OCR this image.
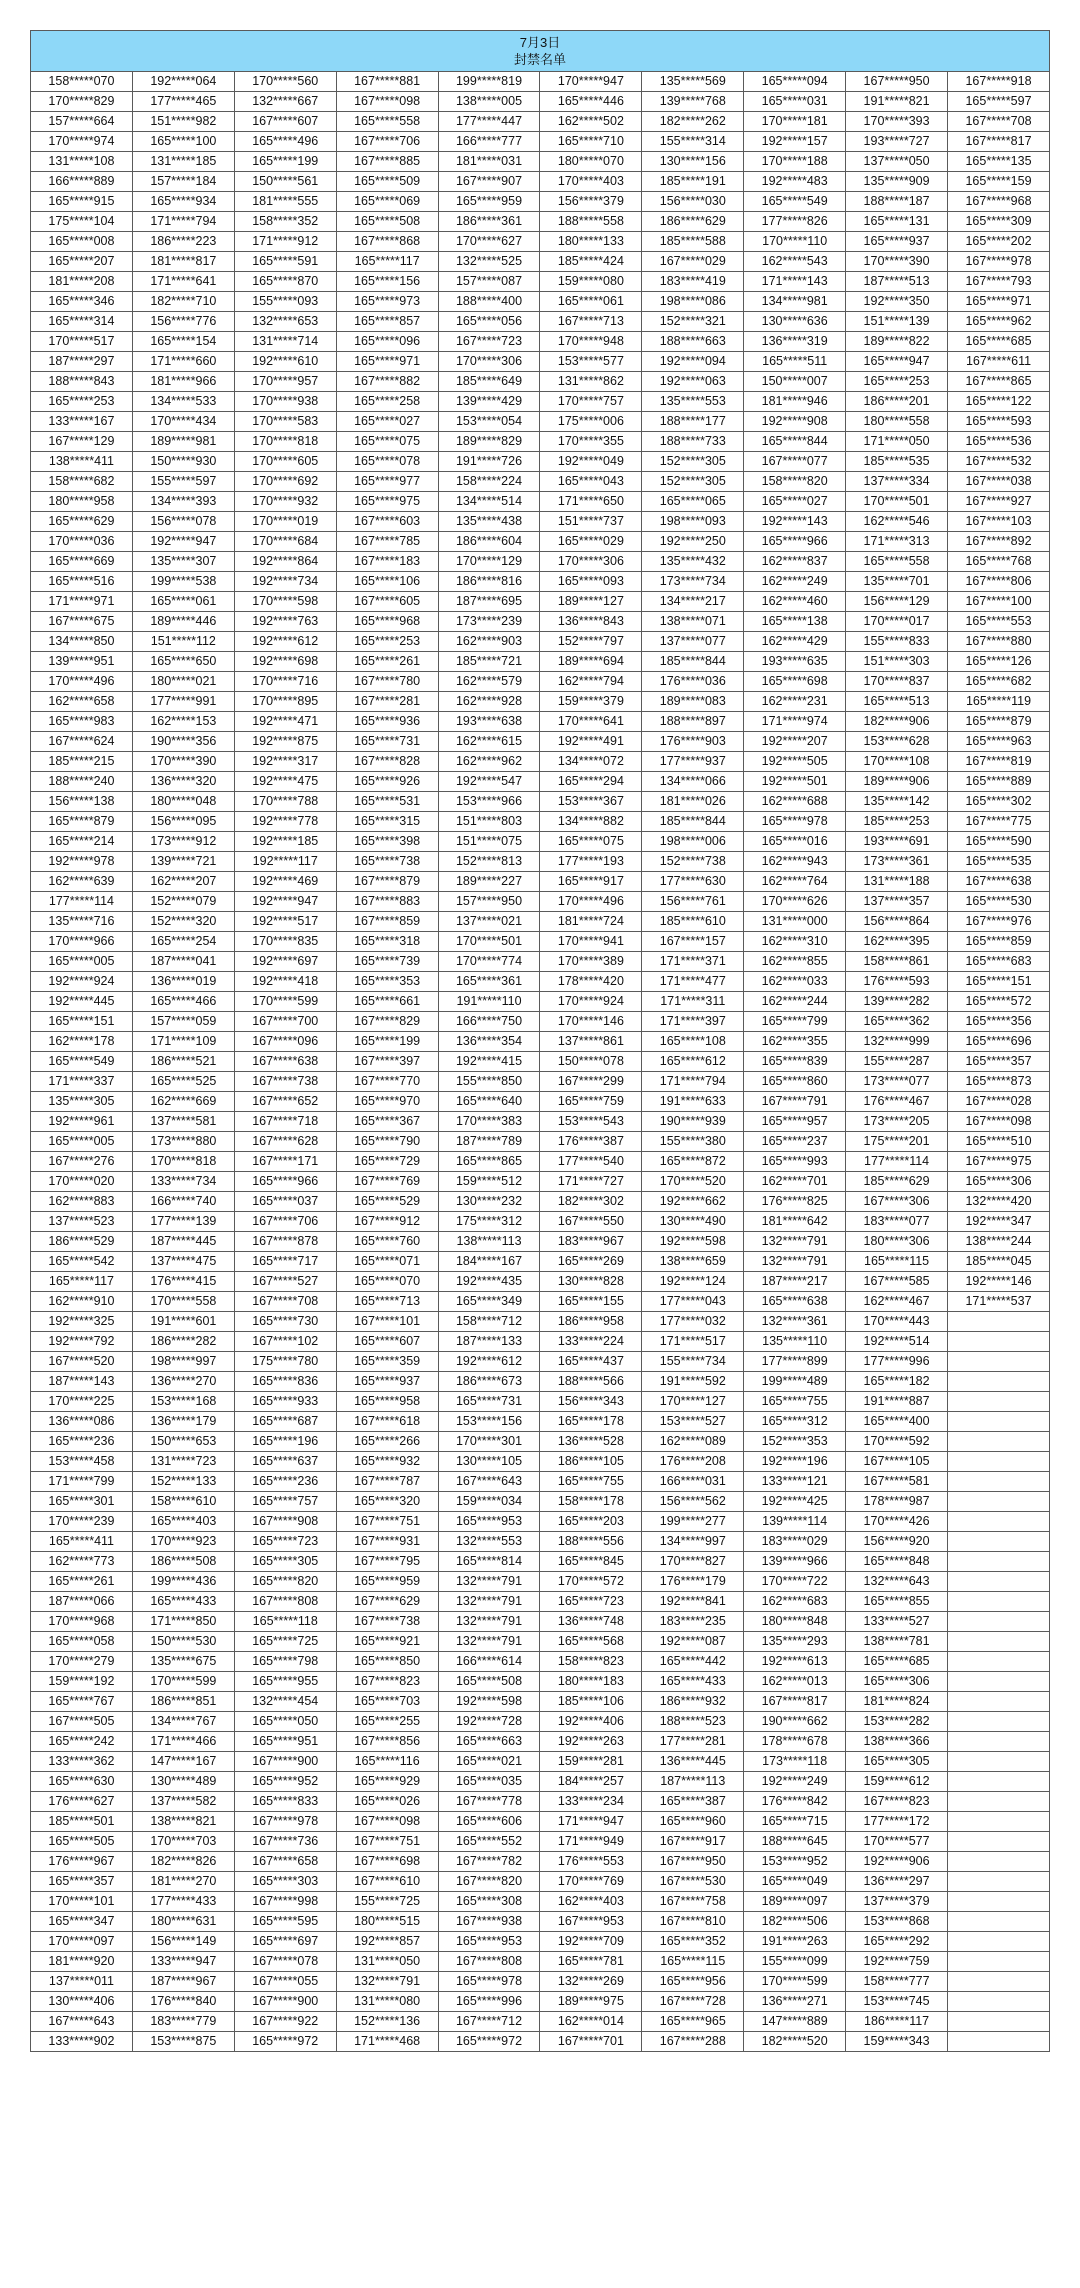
7月3日
封禁名单
158*****070	192*****064	170*****560	167*****881	199*****819	170*****947	135*****569	165*****094	167*****950	167*****918
170*****829	177*****465	132*****667	167*****098	138*****005	165*****446	139*****768	165*****031	191*****821	165*****597
157*****664	151*****982	167*****607	165*****558	177*****447	162*****502	182*****262	170*****181	170*****393	167*****708
170*****974	165*****100	165*****496	167*****706	166*****777	165*****710	155*****314	192*****157	193*****727	167*****817
131*****108	131*****185	165*****199	167*****885	181*****031	180*****070	130*****156	170*****188	137*****050	165*****135
166*****889	157*****184	150*****561	165*****509	167*****907	170*****403	185*****191	192*****483	135*****909	165*****159
165*****915	165*****934	181*****555	165*****069	165*****959	156*****379	156*****030	165*****549	188*****187	167*****968
175*****104	171*****794	158*****352	165*****508	186*****361	188*****558	186*****629	177*****826	165*****131	165*****309
165*****008	186*****223	171*****912	167*****868	170*****627	180*****133	185*****588	170*****110	165*****937	165*****202
165*****207	181*****817	165*****591	165*****117	132*****525	185*****424	167*****029	162*****543	170*****390	167*****978
181*****208	171*****641	165*****870	165*****156	157*****087	159*****080	183*****419	171*****143	187*****513	167*****793
165*****346	182*****710	155*****093	165*****973	188*****400	165*****061	198*****086	134*****981	192*****350	165*****971
165*****314	156*****776	132*****653	165*****857	165*****056	167*****713	152*****321	130*****636	151*****139	165*****962
170*****517	165*****154	131*****714	165*****096	167*****723	170*****948	188*****663	136*****319	189*****822	165*****685
187*****297	171*****660	192*****610	165*****971	170*****306	153*****577	192*****094	165*****511	165*****947	167*****611
188*****843	181*****966	170*****957	167*****882	185*****649	131*****862	192*****063	150*****007	165*****253	167*****865
165*****253	134*****533	170*****938	165*****258	139*****429	170*****757	135*****553	181*****946	186*****201	165*****122
133*****167	170*****434	170*****583	165*****027	153*****054	175*****006	188*****177	192*****908	180*****558	165*****593
167*****129	189*****981	170*****818	165*****075	189*****829	170*****355	188*****733	165*****844	171*****050	165*****536
138*****411	150*****930	170*****605	165*****078	191*****726	192*****049	152*****305	167*****077	185*****535	167*****532
158*****682	155*****597	170*****692	165*****977	158*****224	165*****043	152*****305	158*****820	137*****334	167*****038
180*****958	134*****393	170*****932	165*****975	134*****514	171*****650	165*****065	165*****027	170*****501	167*****927
165*****629	156*****078	170*****019	167*****603	135*****438	151*****737	198*****093	192*****143	162*****546	167*****103
170*****036	192*****947	170*****684	167*****785	186*****604	165*****029	192*****250	165*****966	171*****313	167*****892
165*****669	135*****307	192*****864	167*****183	170*****129	170*****306	135*****432	162*****837	165*****558	165*****768
165*****516	199*****538	192*****734	165*****106	186*****816	165*****093	173*****734	162*****249	135*****701	167*****806
171*****971	165*****061	170*****598	167*****605	187*****695	189*****127	134*****217	162*****460	156*****129	167*****100
167*****675	189*****446	192*****763	165*****968	173*****239	136*****843	138*****071	165*****138	170*****017	165*****553
134*****850	151*****112	192*****612	165*****253	162*****903	152*****797	137*****077	162*****429	155*****833	167*****880
139*****951	165*****650	192*****698	165*****261	185*****721	189*****694	185*****844	193*****635	151*****303	165*****126
170*****496	180*****021	170*****716	167*****780	162*****579	162*****794	176*****036	165*****698	170*****837	165*****682
162*****658	177*****991	170*****895	167*****281	162*****928	159*****379	189*****083	162*****231	165*****513	165*****119
165*****983	162*****153	192*****471	165*****936	193*****638	170*****641	188*****897	171*****974	182*****906	165*****879
167*****624	190*****356	192*****875	165*****731	162*****615	192*****491	176*****903	192*****207	153*****628	165*****963
185*****215	170*****390	192*****317	167*****828	162*****962	134*****072	177*****937	192*****505	170*****108	167*****819
188*****240	136*****320	192*****475	165*****926	192*****547	165*****294	134*****066	192*****501	189*****906	165*****889
156*****138	180*****048	170*****788	165*****531	153*****966	153*****367	181*****026	162*****688	135*****142	165*****302
165*****879	156*****095	192*****778	165*****315	151*****803	134*****882	185*****844	165*****978	185*****253	167*****775
165*****214	173*****912	192*****185	165*****398	151*****075	165*****075	198*****006	165*****016	193*****691	165*****590
192*****978	139*****721	192*****117	165*****738	152*****813	177*****193	152*****738	162*****943	173*****361	165*****535
162*****639	162*****207	192*****469	167*****879	189*****227	165*****917	177*****630	162*****764	131*****188	167*****638
177*****114	152*****079	192*****947	167*****883	157*****950	170*****496	156*****761	170*****626	137*****357	165*****530
135*****716	152*****320	192*****517	167*****859	137*****021	181*****724	185*****610	131*****000	156*****864	167*****976
170*****966	165*****254	170*****835	165*****318	170*****501	170*****941	167*****157	162*****310	162*****395	165*****859
165*****005	187*****041	192*****697	165*****739	170*****774	170*****389	171*****371	162*****855	158*****861	165*****683
192*****924	136*****019	192*****418	165*****353	165*****361	178*****420	171*****477	162*****033	176*****593	165*****151
192*****445	165*****466	170*****599	165*****661	191*****110	170*****924	171*****311	162*****244	139*****282	165*****572
165*****151	157*****059	167*****700	167*****829	166*****750	170*****146	171*****397	165*****799	165*****362	165*****356
162*****178	171*****109	167*****096	165*****199	136*****354	137*****861	165*****108	162*****355	132*****999	165*****696
165*****549	186*****521	167*****638	167*****397	192*****415	150*****078	165*****612	165*****839	155*****287	165*****357
171*****337	165*****525	167*****738	167*****770	155*****850	167*****299	171*****794	165*****860	173*****077	165*****873
135*****305	162*****669	167*****652	165*****970	165*****640	165*****759	191*****633	167*****791	176*****467	167*****028
192*****961	137*****581	167*****718	165*****367	170*****383	153*****543	190*****939	165*****957	173*****205	167*****098
165*****005	173*****880	167*****628	165*****790	187*****789	176*****387	155*****380	165*****237	175*****201	165*****510
167*****276	170*****818	167*****171	165*****729	165*****865	177*****540	165*****872	165*****993	177*****114	167*****975
170*****020	133*****734	165*****966	167*****769	159*****512	171*****727	170*****520	162*****701	185*****629	165*****306
162*****883	166*****740	165*****037	165*****529	130*****232	182*****302	192*****662	176*****825	167*****306	132*****420
137*****523	177*****139	167*****706	167*****912	175*****312	167*****550	130*****490	181*****642	183*****077	192*****347
186*****529	187*****445	167*****878	165*****760	138*****113	183*****967	192*****598	132*****791	180*****306	138*****244
165*****542	137*****475	165*****717	165*****071	184*****167	165*****269	138*****659	132*****791	165*****115	185*****045
165*****117	176*****415	167*****527	165*****070	192*****435	130*****828	192*****124	187*****217	167*****585	192*****146
162*****910	170*****558	167*****708	165*****713	165*****349	165*****155	177*****043	165*****638	162*****467	171*****537
192*****325	191*****601	165*****730	167*****101	158*****712	186*****958	177*****032	132*****361	170*****443	
192*****792	186*****282	167*****102	165*****607	187*****133	133*****224	171*****517	135*****110	192*****514	
167*****520	198*****997	175*****780	165*****359	192*****612	165*****437	155*****734	177*****899	177*****996	
187*****143	136*****270	165*****836	165*****937	186*****673	188*****566	191*****592	199*****489	165*****182	
170*****225	153*****168	165*****933	165*****958	165*****731	156*****343	170*****127	165*****755	191*****887	
136*****086	136*****179	165*****687	167*****618	153*****156	165*****178	153*****527	165*****312	165*****400	
165*****236	150*****653	165*****196	165*****266	170*****301	136*****528	162*****089	152*****353	170*****592	
153*****458	131*****723	165*****637	165*****932	130*****105	186*****105	176*****208	192*****196	167*****105	
171*****799	152*****133	165*****236	167*****787	167*****643	165*****755	166*****031	133*****121	167*****581	
165*****301	158*****610	165*****757	165*****320	159*****034	158*****178	156*****562	192*****425	178*****987	
170*****239	165*****403	167*****908	167*****751	165*****953	165*****203	199*****277	139*****114	170*****426	
165*****411	170*****923	165*****723	167*****931	132*****553	188*****556	134*****997	183*****029	156*****920	
162*****773	186*****508	165*****305	167*****795	165*****814	165*****845	170*****827	139*****966	165*****848	
165*****261	199*****436	165*****820	165*****959	132*****791	170*****572	176*****179	170*****722	132*****643	
187*****066	165*****433	167*****808	167*****629	132*****791	165*****723	192*****841	162*****683	165*****855	
170*****968	171*****850	165*****118	167*****738	132*****791	136*****748	183*****235	180*****848	133*****527	
165*****058	150*****530	165*****725	165*****921	132*****791	165*****568	192*****087	135*****293	138*****781	
170*****279	135*****675	165*****798	165*****850	166*****614	158*****823	165*****442	192*****613	165*****685	
159*****192	170*****599	165*****955	167*****823	165*****508	180*****183	165*****433	162*****013	165*****306	
165*****767	186*****851	132*****454	165*****703	192*****598	185*****106	186*****932	167*****817	181*****824	
167*****505	134*****767	165*****050	165*****255	192*****728	192*****406	188*****523	190*****662	153*****282	
165*****242	171*****466	165*****951	167*****856	165*****663	192*****263	177*****281	178*****678	138*****366	
133*****362	147*****167	167*****900	165*****116	165*****021	159*****281	136*****445	173*****118	165*****305	
165*****630	130*****489	165*****952	165*****929	165*****035	184*****257	187*****113	192*****249	159*****612	
176*****627	137*****582	165*****833	165*****026	167*****778	133*****234	165*****387	176*****842	167*****823	
185*****501	138*****821	167*****978	167*****098	165*****606	171*****947	165*****960	165*****715	177*****172	
165*****505	170*****703	167*****736	167*****751	165*****552	171*****949	167*****917	188*****645	170*****577	
176*****967	182*****826	167*****658	167*****698	167*****782	176*****553	167*****950	153*****952	192*****906	
165*****357	181*****270	165*****303	167*****610	167*****820	170*****769	167*****530	165*****049	136*****297	
170*****101	177*****433	167*****998	155*****725	165*****308	162*****403	167*****758	189*****097	137*****379	
165*****347	180*****631	165*****595	180*****515	167*****938	167*****953	167*****810	182*****506	153*****868	
170*****097	156*****149	165*****697	192*****857	165*****953	192*****709	165*****352	191*****263	165*****292	
181*****920	133*****947	167*****078	131*****050	167*****808	165*****781	165*****115	155*****099	192*****759	
137*****011	187*****967	167*****055	132*****791	165*****978	132*****269	165*****956	170*****599	158*****777	
130*****406	176*****840	167*****900	131*****080	165*****996	189*****975	167*****728	136*****271	153*****745	
167*****643	183*****779	167*****922	152*****136	167*****712	162*****014	165*****965	147*****889	186*****117	
133*****902	153*****875	165*****972	171*****468	165*****972	167*****701	167*****288	182*****520	159*****343	
